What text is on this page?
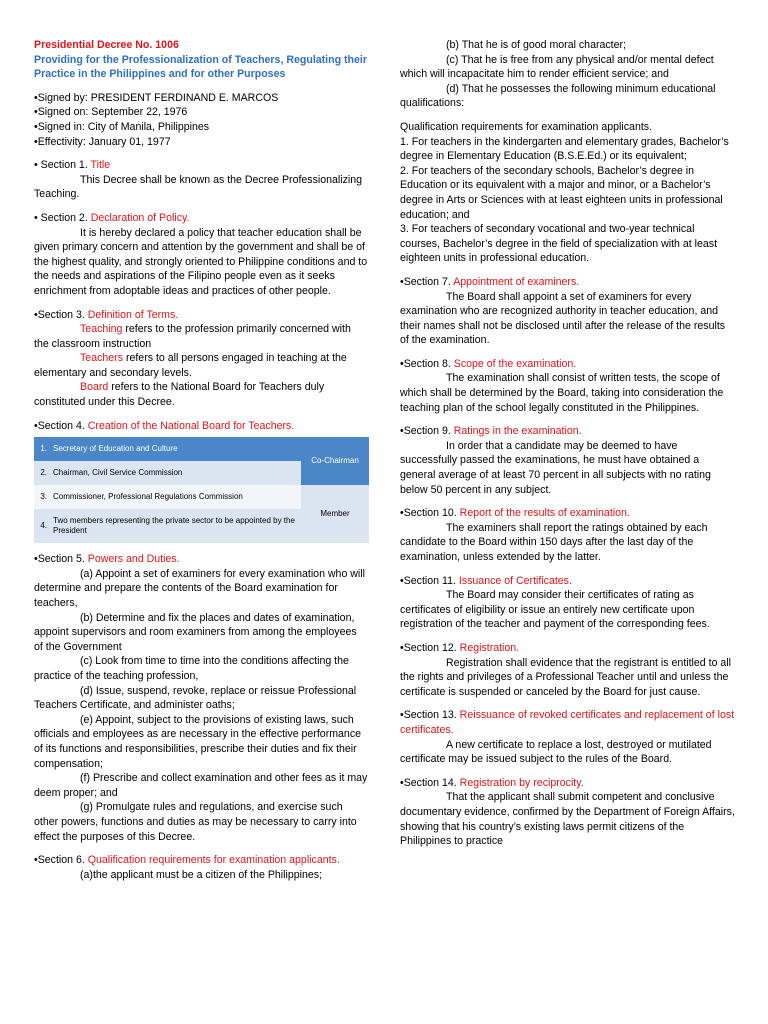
Presidential Decree No. 1006

Providing for the Professionalization of Teachers, Regulating their Practice in the Philippines and for other Purposes

•Signed by: PRESIDENT FERDINAND E. MARCOS

•Signed on: September 22, 1976

•Signed in: City of Manila, Philippines

•Effectivity: January 01, 1977

• Section 1. Title

This Decree shall be known as the Decree Professionalizing Teaching.

• Section 2. Declaration of Policy.

It is hereby declared a policy that teacher education shall be given primary concern and attention by the government and shall be of the highest quality, and strongly oriented to Philippine conditions and to the needs and aspirations of the Filipino people even as it seeks enrichment from adoptable ideas and practices of other people.

•Section 3. Definition of Terms.

Teaching refers to the profession primarily concerned with the classroom instruction

Teachers refers to all persons engaged in teaching at the elementary and secondary levels.

Board refers to the National Board for Teachers duly constituted under this Decree.

•Section 4. Creation of the National Board for Teachers.

1.	Secretary of Education and Culture	Co-Chairman
2.	Chairman, Civil Service Commission	
3.	Commissioner, Professional Regulations Commission	Member
4.	Two members representing the private sector to be appointed by the President	

•Section 5. Powers and Duties.

(a) Appoint a set of examiners for every examination who will determine and prepare the contents of the Board examination for teachers,

(b) Determine and fix the places and dates of examination, appoint supervisors and room examiners from among the employees of the Government

(c) Look from time to time into the conditions affecting the practice of the teaching profession,

(d) Issue, suspend, revoke, replace or reissue Professional Teachers Certificate, and administer oaths;

(e) Appoint, subject to the provisions of existing laws, such officials and employees as are necessary in the effective performance of its functions and responsibilities, prescribe their duties and fix their compensation;

(f) Prescribe and collect examination and other fees as it may deem proper; and

(g) Promulgate rules and regulations, and exercise such other powers, functions and duties as may be necessary to carry into effect the purposes of this Decree.

•Section 6. Qualification requirements for examination applicants.

(a)the applicant must be a citizen of the Philippines;

(b) That he is of good moral character;

(c) That he is free from any physical and/or mental defect which will incapacitate him to render efficient service; and

(d) That he possesses the following minimum educational qualifications:

Qualification requirements for examination applicants.

1. For teachers in the kindergarten and elementary grades, Bachelor’s degree in Elementary Education (B.S.E.Ed.) or its equivalent;

2. For teachers of the secondary schools, Bachelor’s degree in Education or its equivalent with a major and minor, or a Bachelor’s degree in Arts or Sciences with at least eighteen units in professional education; and

3. For teachers of secondary vocational and two-year technical courses, Bachelor’s degree in the field of specialization with at least eighteen units in professional education.

•Section 7. Appointment of examiners.

The Board shall appoint a set of examiners for every examination who are recognized authority in teacher education, and their names shall not be disclosed until after the release of the results of the examination.

•Section 8. Scope of the examination.

The examination shall consist of written tests, the scope of which shall be determined by the Board, taking into consideration the teaching plan of the school legally constituted in the Philippines.

•Section 9. Ratings in the examination.

In order that a candidate may be deemed to have successfully passed the examinations, he must have obtained a general average of at least 70 percent in all subjects with no rating below 50 percent in any subject.

•Section 10. Report of the results of examination.

The examiners shall report the ratings obtained by each candidate to the Board within 150 days after the last day of the examination, unless extended by the latter.

•Section 11. Issuance of Certificates.

The Board may consider their certificates of rating as certificates of eligibility or issue an entirely new certificate upon registration of the teacher and payment of the corresponding fees.

•Section 12. Registration.

Registration shall evidence that the registrant is entitled to all the rights and privileges of a Professional Teacher until and unless the certificate is suspended or canceled by the Board for just cause.

•Section 13. Reissuance of revoked certificates and replacement of lost certificates.

A new certificate to replace a lost, destroyed or mutilated certificate may be issued subject to the rules of the Board.

•Section 14. Registration by reciprocity.

That the applicant shall submit competent and conclusive documentary evidence, confirmed by the Department of Foreign Affairs, showing that his country’s existing laws permit citizens of the Philippines to practice
